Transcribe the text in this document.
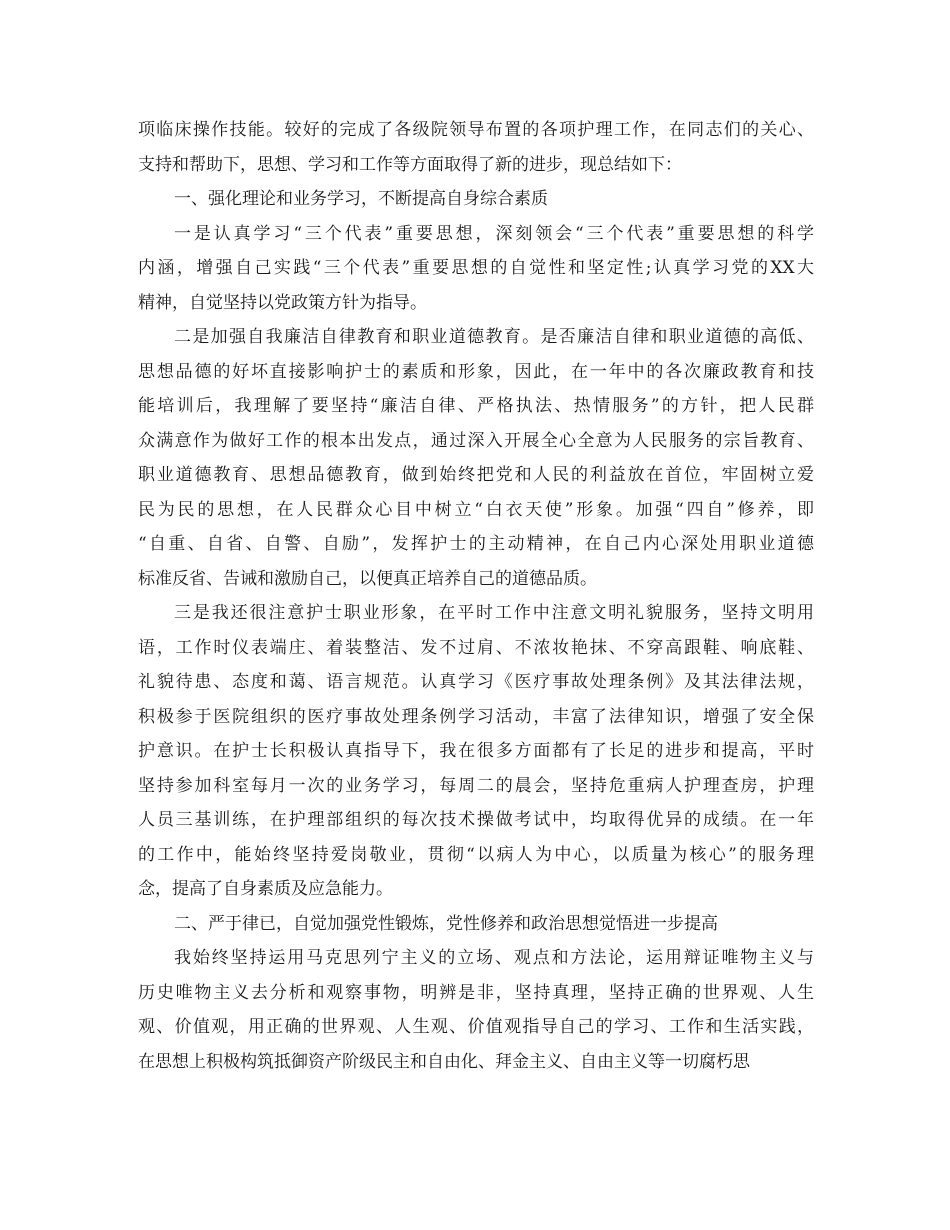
项临床操作技能。较好的完成了各级院领导布置的各项护理工作，在同志们的关心、
支持和帮助下，思想、学习和工作等方面取得了新的进步，现总结如下：
一、强化理论和业务学习，不断提高自身综合素质
一是认真学习“三个代表”重要思想，深刻领会“三个代表”重要思想的科学
内涵，增强自己实践“三个代表”重要思想的自觉性和坚定性;认真学习党的XX大
精神，自觉坚持以党政策方针为指导。
二是加强自我廉洁自律教育和职业道德教育。是否廉洁自律和职业道德的高低、
思想品德的好坏直接影响护士的素质和形象，因此，在一年中的各次廉政教育和技
能培训后，我理解了要坚持“廉洁自律、严格执法、热情服务”的方针，把人民群
众满意作为做好工作的根本出发点，通过深入开展全心全意为人民服务的宗旨教育、
职业道德教育、思想品德教育，做到始终把党和人民的利益放在首位，牢固树立爱
民为民的思想，在人民群众心目中树立“白衣天使”形象。加强“四自”修养，即
“自重、自省、自警、自励”，发挥护士的主动精神，在自己内心深处用职业道德
标准反省、告诫和激励自己，以便真正培养自己的道德品质。
三是我还很注意护士职业形象，在平时工作中注意文明礼貌服务，坚持文明用
语，工作时仪表端庄、着装整洁、发不过肩、不浓妆艳抹、不穿高跟鞋、响底鞋、
礼貌待患、态度和蔼、语言规范。认真学习《医疗事故处理条例》及其法律法规，
积极参于医院组织的医疗事故处理条例学习活动，丰富了法律知识，增强了安全保
护意识。在护士长积极认真指导下，我在很多方面都有了长足的进步和提高，平时
坚持参加科室每月一次的业务学习，每周二的晨会，坚持危重病人护理查房，护理
人员三基训练，在护理部组织的每次技术操做考试中，均取得优异的成绩。在一年
的工作中，能始终坚持爱岗敬业，贯彻“以病人为中心，以质量为核心”的服务理
念，提高了自身素质及应急能力。
二、严于律已，自觉加强党性锻炼，党性修养和政治思想觉悟进一步提高
我始终坚持运用马克思列宁主义的立场、观点和方法论，运用辩证唯物主义与
历史唯物主义去分析和观察事物，明辨是非，坚持真理，坚持正确的世界观、人生
观、价值观，用正确的世界观、人生观、价值观指导自己的学习、工作和生活实践，
在思想上积极构筑抵御资产阶级民主和自由化、拜金主义、自由主义等一切腐朽思
